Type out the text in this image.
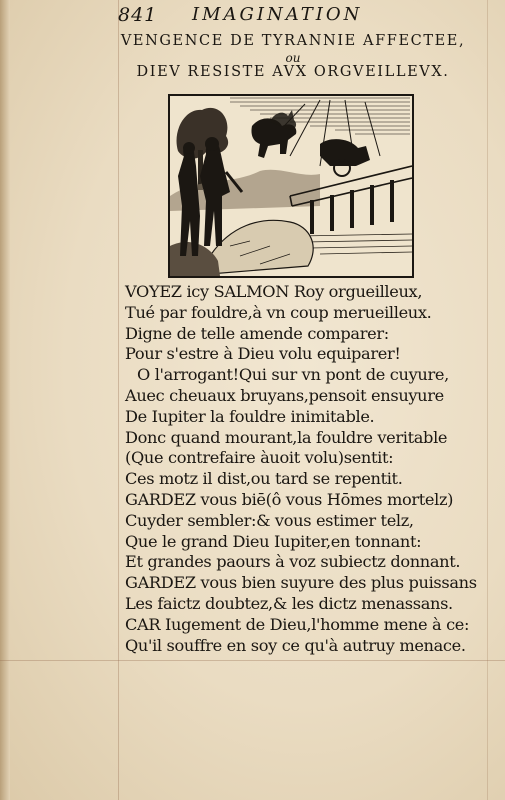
841 IMAGINATION
VENGENCE DE TYRANNIE AFFECTEE,
ou
DIEV RESISTE AVX ORGVEILLEVX.
VOYEZ icy SALMON Roy orgueilleux,
Tué par fouldre,à vn coup merueilleux.
Digne de telle amende comparer:
Pour s'estre à Dieu volu equiparer!
O l'arrogant!Qui sur vn pont de cuyure,
Auec cheuaux bruyans,pensoit ensuyure
De Iupiter la fouldre inimitable.
Donc quand mourant,la fouldre veritable
(Que contrefaire àuoit volu)sentit:
Ces motz il dist,ou tard se repentit.
GARDEZ vous biē(ô vous Hōmes mortelz)
Cuyder sembler:& vous estimer telz,
Que le grand Dieu Iupiter,en tonnant:
Et grandes paours à voz subiectz donnant.
GARDEZ vous bien suyure des plus puissans
Les faictz doubtez,& les dictz menassans.
CAR Iugement de Dieu,l'homme mene à ce:
Qu'il souffre en soy ce qu'à autruy menace.
